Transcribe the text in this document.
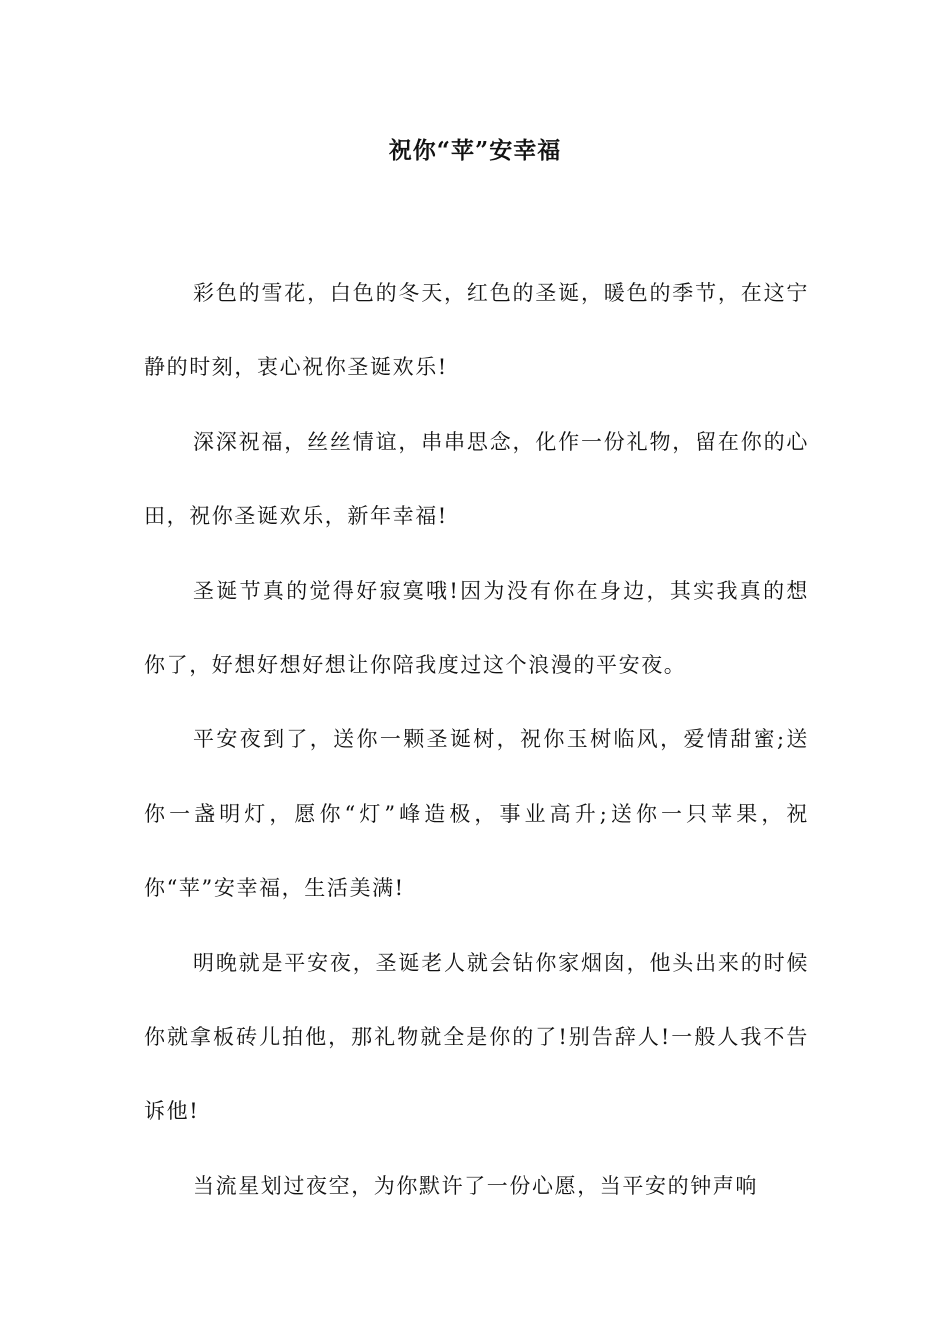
祝你“苹”安幸福

彩色的雪花，白色的冬天，红色的圣诞，暖色的季节，在这宁静的时刻，衷心祝你圣诞欢乐!

深深祝福，丝丝情谊，串串思念，化作一份礼物，留在你的心田，祝你圣诞欢乐，新年幸福!

圣诞节真的觉得好寂寞哦!因为没有你在身边，其实我真的想你了，好想好想好想让你陪我度过这个浪漫的平安夜。

平安夜到了，送你一颗圣诞树，祝你玉树临风，爱情甜蜜;送你一盏明灯，愿你“灯”峰造极，事业高升;送你一只苹果，祝你“苹”安幸福，生活美满!

明晚就是平安夜，圣诞老人就会钻你家烟囱，他头出来的时候你就拿板砖儿拍他，那礼物就全是你的了!别告辞人!一般人我不告诉他!

当流星划过夜空，为你默许了一份心愿，当平安的钟声响
